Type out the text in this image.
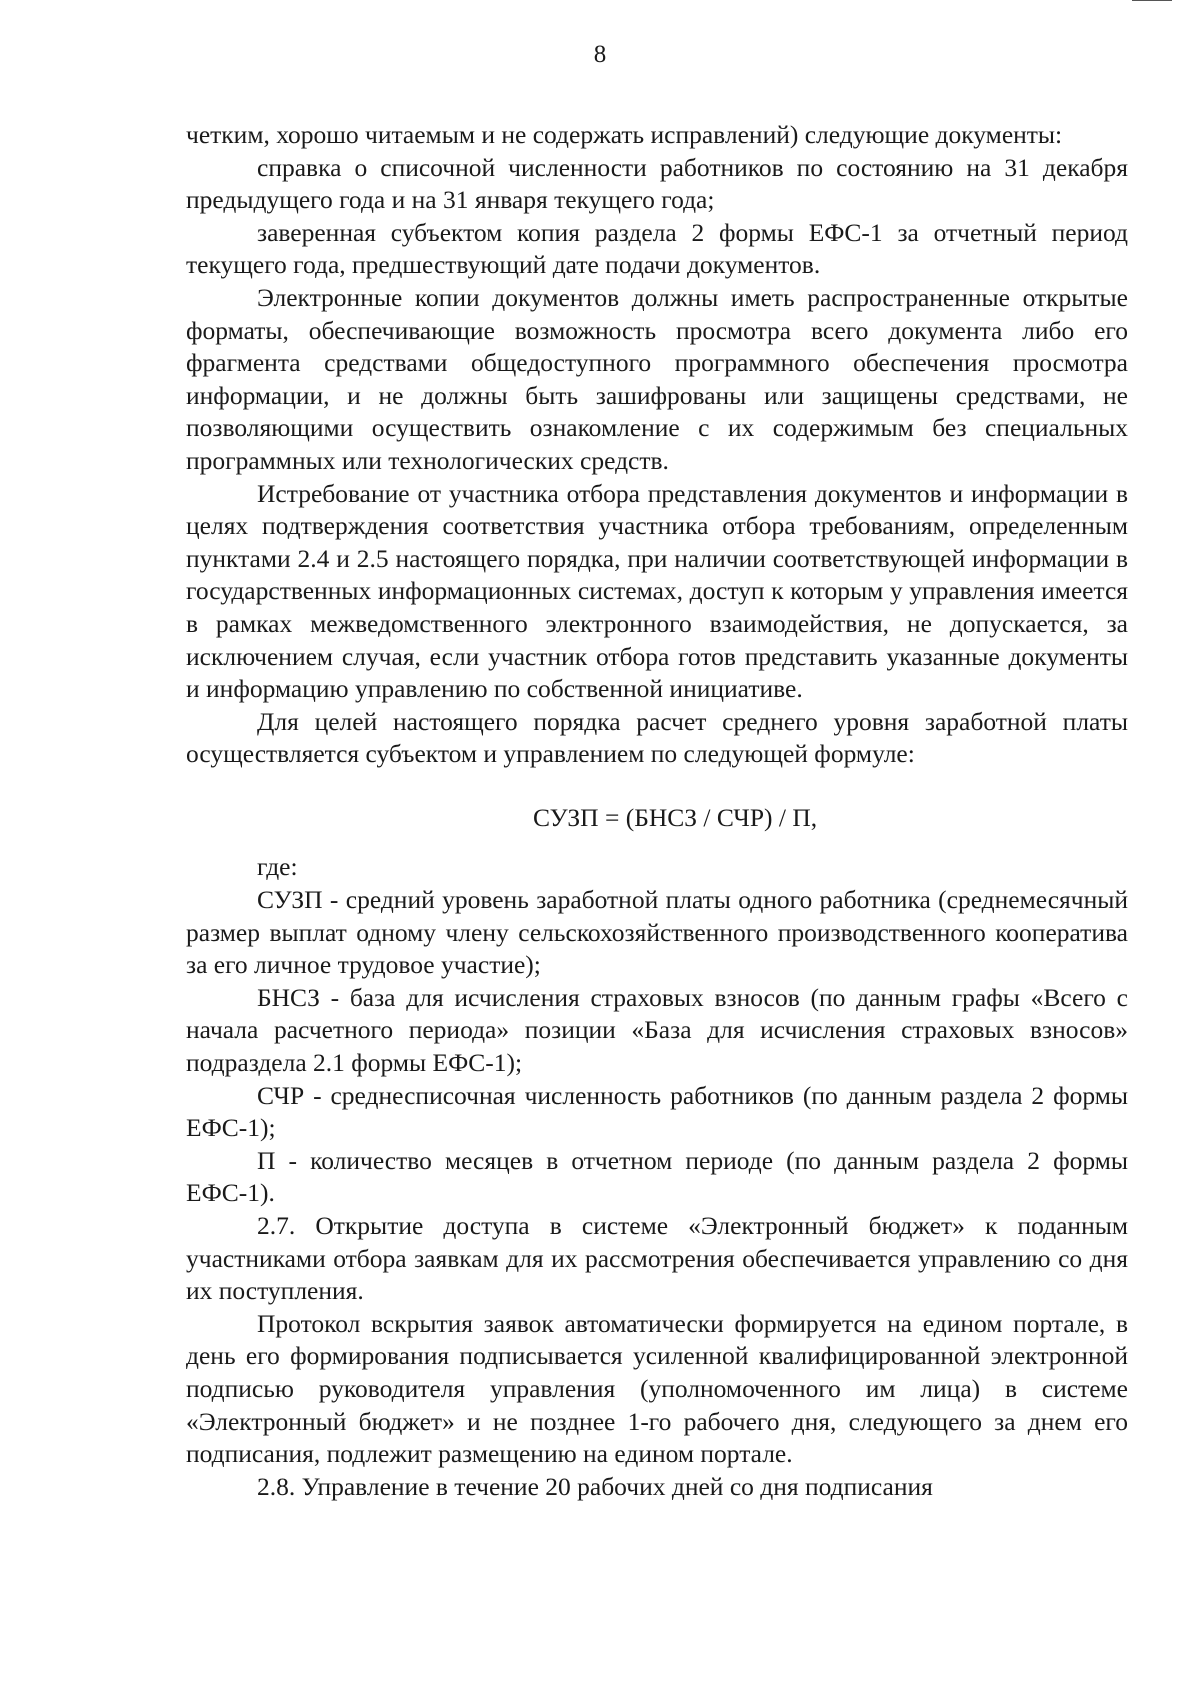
8

четким, хорошо читаемым и не содержать исправлений) следующие документы:

справка о списочной численности работников по состоянию на 31 декабря предыдущего года и на 31 января текущего года;

заверенная субъектом копия раздела 2 формы ЕФС-1 за отчетный период текущего года, предшествующий дате подачи документов.

Электронные копии документов должны иметь распространенные открытые форматы, обеспечивающие возможность просмотра всего документа либо его фрагмента средствами общедоступного программного обеспечения просмотра информации, и не должны быть зашифрованы или защищены средствами, не позволяющими осуществить ознакомление с их содержимым без специальных программных или технологических средств.

Истребование от участника отбора представления документов и информации в целях подтверждения соответствия участника отбора требованиям, определенным пунктами 2.4 и 2.5 настоящего порядка, при наличии соответствующей информации в государственных информационных системах, доступ к которым у управления имеется в рамках межведомственного электронного взаимодействия, не допускается, за исключением случая, если участник отбора готов представить указанные документы и информацию управлению по собственной инициативе.

Для целей настоящего порядка расчет среднего уровня заработной платы осуществляется субъектом и управлением по следующей формуле:

СУЗП = (БНСЗ / СЧР) / П,

где:

СУЗП - средний уровень заработной платы одного работника (среднемесячный размер выплат одному члену сельскохозяйственного производственного кооператива за его личное трудовое участие);

БНСЗ - база для исчисления страховых взносов (по данным графы «Всего с начала расчетного периода» позиции «База для исчисления страховых взносов» подраздела 2.1 формы ЕФС-1);

СЧР - среднесписочная численность работников (по данным раздела 2 формы ЕФС-1);

П - количество месяцев в отчетном периоде (по данным раздела 2 формы ЕФС-1).

2.7. Открытие доступа в системе «Электронный бюджет» к поданным участниками отбора заявкам для их рассмотрения обеспечивается управлению со дня их поступления.

Протокол вскрытия заявок автоматически формируется на едином портале, в день его формирования подписывается усиленной квалифицированной электронной подписью руководителя управления (уполномоченного им лица) в системе «Электронный бюджет» и не позднее 1-го рабочего дня, следующего за днем его подписания, подлежит размещению на едином портале.

2.8. Управление в течение 20 рабочих дней со дня подписания
